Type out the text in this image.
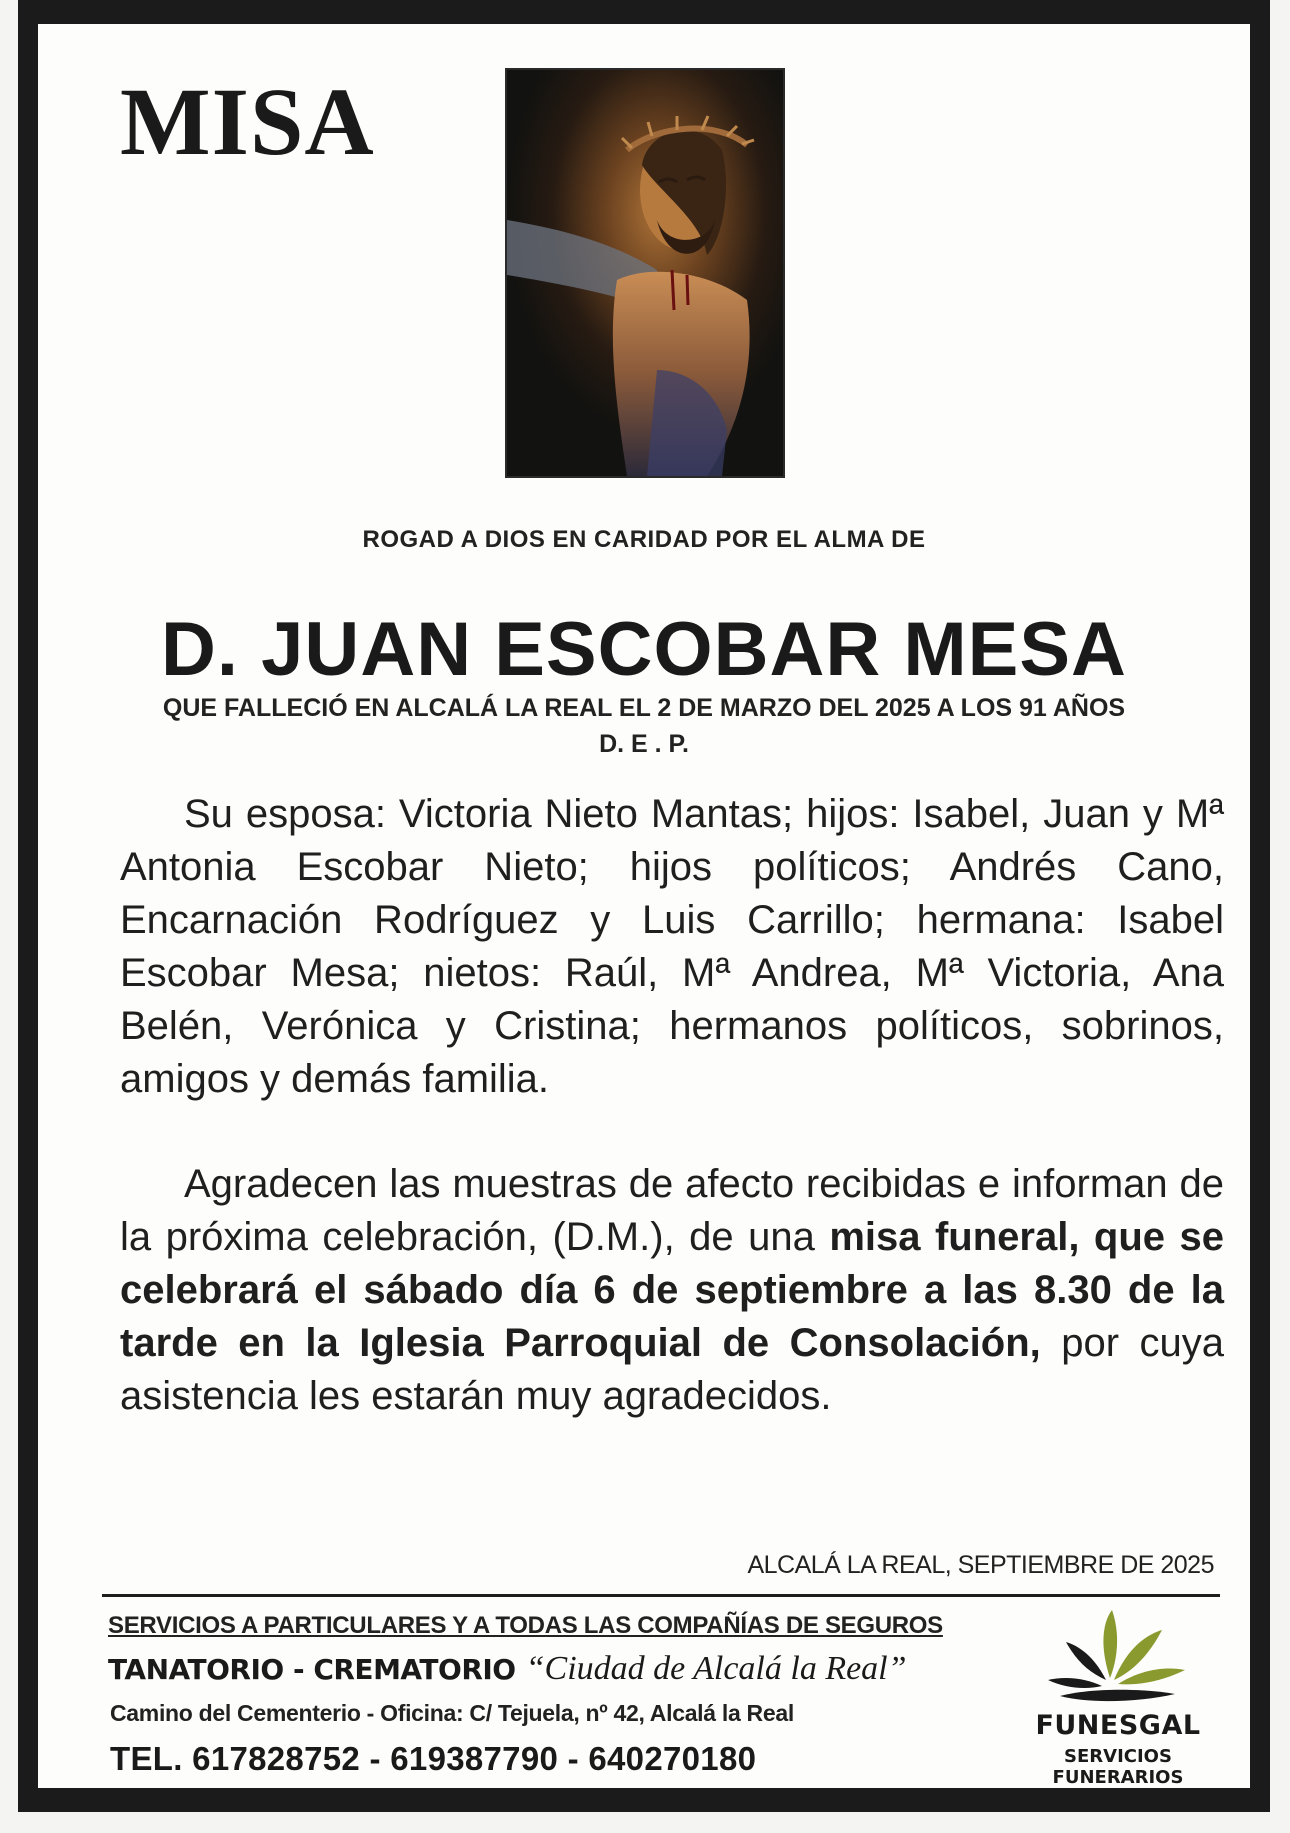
MISA
ROGAD A DIOS EN CARIDAD POR EL ALMA DE
D. JUAN ESCOBAR MESA
QUE FALLECIÓ EN ALCALÁ LA REAL EL 2 DE MARZO DEL 2025 A LOS 91 AÑOS
D. E . P.

Su esposa: Victoria Nieto Mantas; hijos: Isabel, Juan y Mª Antonia Escobar Nieto; hijos políticos; Andrés Cano, Encarnación Rodríguez y Luis Carrillo; hermana: Isabel Escobar Mesa; nietos: Raúl, Mª Andrea, Mª Victoria, Ana Belén, Verónica y Cristina; hermanos políticos, sobrinos, amigos y demás familia.

Agradecen las muestras de afecto recibidas e informan de la próxima celebración, (D.M.), de una misa funeral, que se celebrará el sábado día 6 de septiembre a las 8.30 de la tarde en la Iglesia Parroquial de Consolación, por cuya asistencia les estarán muy agradecidos.

ALCALÁ LA REAL, SEPTIEMBRE DE 2025
SERVICIOS A PARTICULARES Y A TODAS LAS COMPAÑÍAS DE SEGUROS
TANATORIO - CREMATORIO “Ciudad de Alcalá la Real”
Camino del Cementerio - Oficina: C/ Tejuela, nº 42, Alcalá la Real
TEL. 617828752 - 619387790 - 640270180
FUNESGAL
SERVICIOS FUNERARIOS
